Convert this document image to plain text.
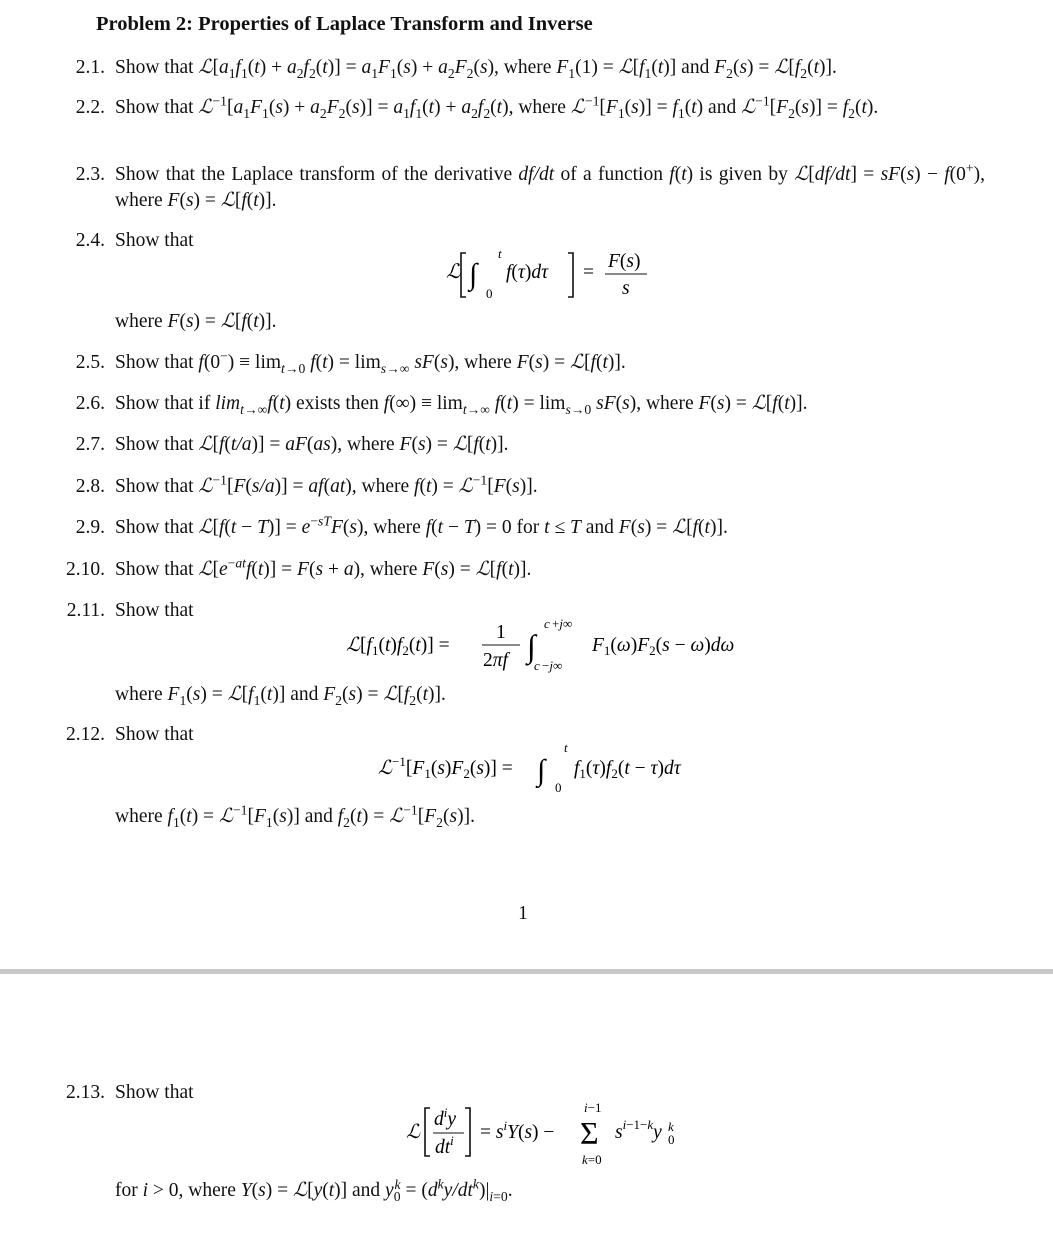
Problem 2: Properties of Laplace Transform and Inverse
2.1. Show that $ℒ[a_1f_1(t) + a_2f_2(t)] = a_1F_1(s) + a_2F_2(s)$, where $F_1(1)$ = $ℒ[f_1(t)]$ and $F_2(s)$ = $ℒ[f_2(t)]$.
2.2. Show that $ℒ^{-1}[a_1F_1(s) + a_2F_2(s)] = a_1f_1(t) + a_2f_2(t)$, where $ℒ^{-1}[F_1(s)] = f_1(t)$ and $ℒ^{-1}[F_2(s)] = f_2(t)$.
2.3. Show that the Laplace transform of the derivative df/dt of a function f(t) is given by ℒ[df/dt] = sF(s) − f(0+), where F(s) = ℒ[f(t)].
2.4. Show that
ℒ ∫
t
0
f(τ)dτ =
F(s)
s
where F(s) = ℒ[f(t)].
2.5. Show that $f(0^-) \equiv \lim_{t\to 0} f(t) = \lim_{s\to\infty} sF(s)$, where F(s) = ℒ[f(t)].
2.6. Show that if $\lim_{t\to\infty}f(t)$ exists then $f(\infty) \equiv \lim_{t\to\infty} f(t) = \lim_{s\to 0} sF(s)$, where F(s) = ℒ[f(t)].
2.7. Show that ℒ[f(t/a)] = aF(as), where F(s) = ℒ[f(t)].
2.8. Show that ℒ$^{-1}$[F(s/a)] = af(at), where f(t) = ℒ$^{-1}$[F(s)].
2.9. Show that ℒ[f(t − $T)] = e^{-sT}F(s)$, where f(t − T) = 0 for t ≤ T and F(s) = ℒ[f(t)].
2.10. Show that $ℒ[e^{-at}f(t)] = F(s + a)$, where F(s) = ℒ[f(t)].
2.11. Show that
$ℒ[f_1(t)f_2(t)]$ =
1
2πf ∫
c +j∞
c −j∞
$F_1(\omega)F_2(s - \omega)d\omega$
where $F_1(s)$ = $ℒ[f_1(t)]$ and $F_2(s)$ = $ℒ[f_2(t)]$.
2.12. Show that
$ℒ^{-1}[F_1(s)F_2(s)]$ = ∫
t
0
$f_1(\tau)f_2(t - \tau)d\tau$
where $f_1(t)$ = $ℒ^{-1}[F_1(s)]$ and $f_2(t)$ = $ℒ^{-1}[F_2(s)]$.
1
2.13. Show that
ℒ
$d^iy$
$dt^i = s^iY(s)$ −
i−1
Σ
k=0
$s^i-1-ky$ k
0
for i > 0, where Y(s) = ℒ[y(t)] and $y_0^k = (d^ky/dt^k)|_{i=0}$.
